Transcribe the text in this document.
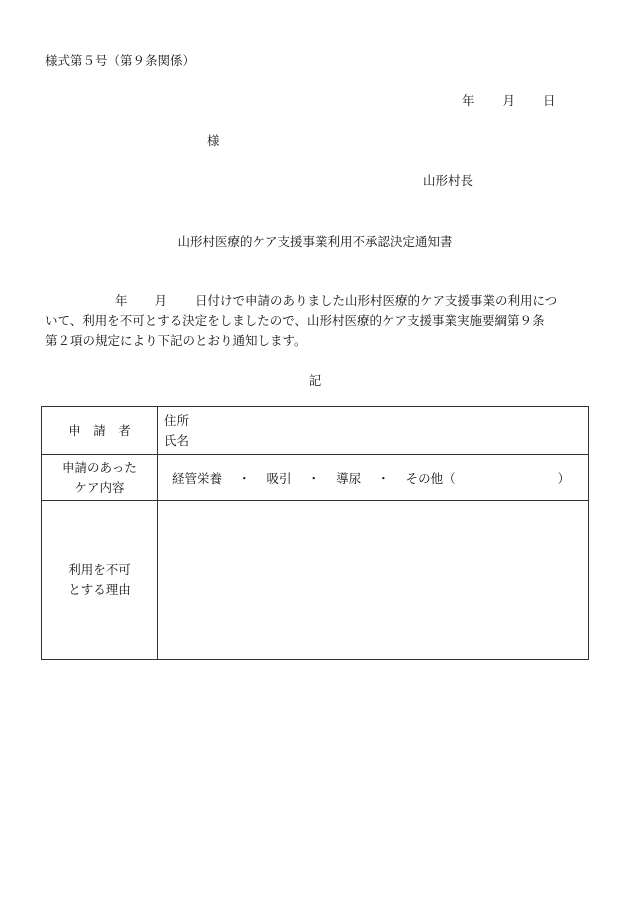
様式第５号（第９条関係）
年 月 日
様
山形村長
山形村医療的ケア支援事業利用不承認決定通知書
年 月 日付けで申請のありました山形村医療的ケア支援事業の利用につ
いて、利用を不可とする決定をしましたので、山形村医療的ケア支援事業実施要綱第９条
第２項の規定により下記のとおり通知します。
記
申　請　者	住所
氏名

申請のあった
ケア内容	経管栄養 ・ 吸引 ・ 導尿 ・ その他（ ）

利用を不可
とする理由	
